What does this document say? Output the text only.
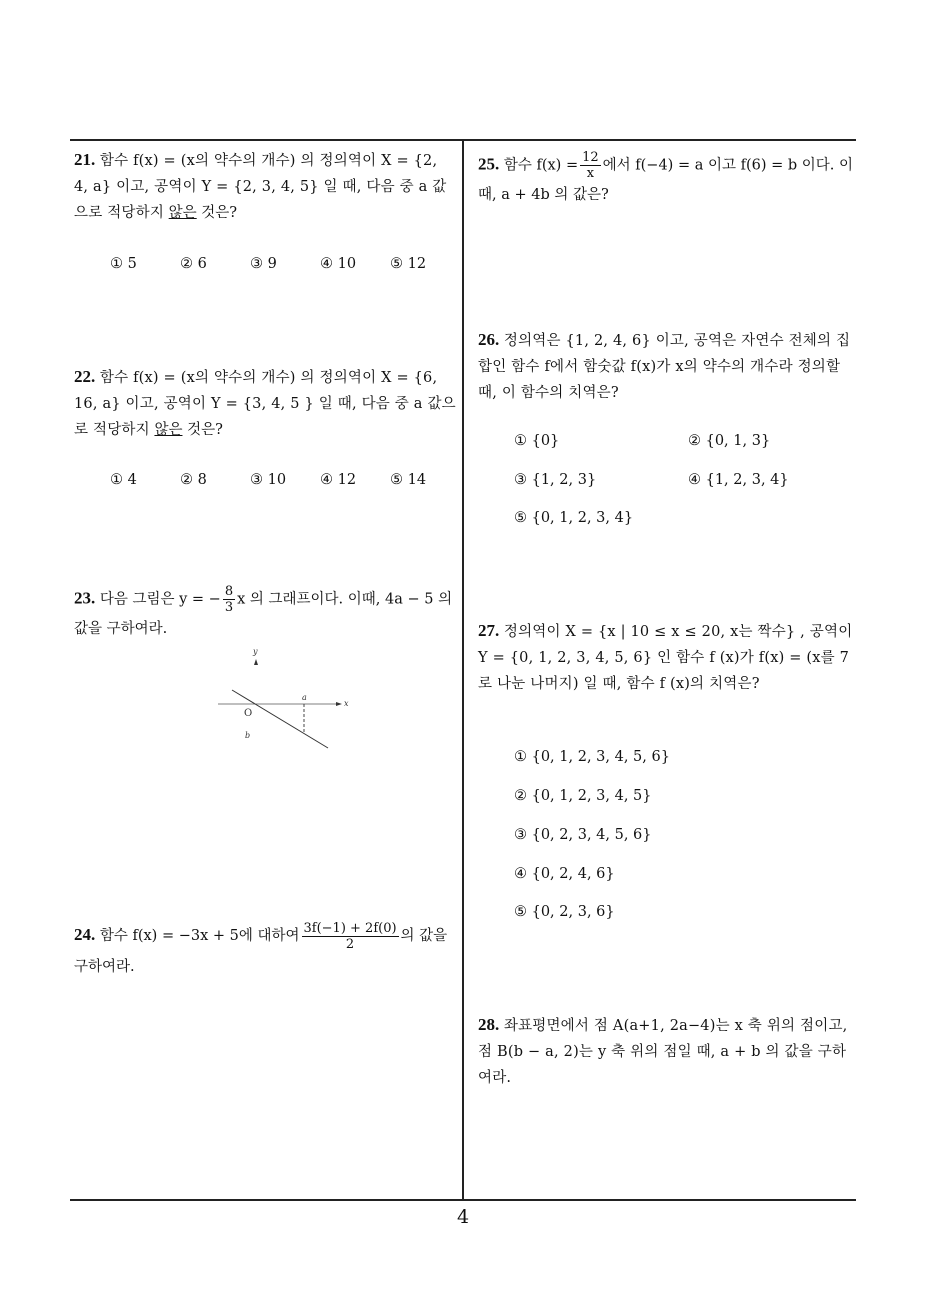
21. 함수 f(x) = (x의 약수의 개수) 의 정의역이 X = {2, 4, a} 이고, 공역이 Y = {2, 3, 4, 5} 일 때, 다음 중 a 값으로 적당하지 않은 것은?
① 5	② 6	③ 9	④ 10 ⑤ 12
22. 함수 f(x) = (x의 약수의 개수) 의 정의역이 X = {6, 16, a} 이고, 공역이 Y = {3, 4, 5 } 일 때, 다음 중 a 값으로 적당하지 않은 것은?
① 4	② 8	③ 10 ④ 12 ⑤ 14
23. 다음 그림은 y = − $\frac{8}{3}$ x 의 그래프이다. 이때, 4a − 5 의 값을 구하여라.
y
x
O
a
b
24. 함수 f(x) = −3x + 5에 대하여 $\frac{3f(-1) + 2f(0)}{2}$ 의 값을 구하여라.
25. 함수 $f(x) = \frac{12}{x}$ 에서 f(−4) = a 이고 f(6) = b 이다. 이때, a + 4b 의 값은?
26. 정의역은 {1, 2, 4, 6} 이고, 공역은 자연수 전체의 집합인 함수 f에서 함숫값 f(x)가 x의 약수의 개수라 정의할 때, 이 함수의 치역은?
① {0}	② {0, 1, 3}
③ {1, 2, 3}	④ {1, 2, 3, 4}
⑤ {0, 1, 2, 3, 4}
27. 정의역이 X = {x | 10 ≤ x ≤ 20, x는 짝수} , 공역이 Y = {0, 1, 2, 3, 4, 5, 6} 인 함수 f (x)가 f(x) = (x를 7로 나눈 나머지) 일 때, 함수 f (x)의 치역은?
① {0, 1, 2, 3, 4, 5, 6}
② {0, 1, 2, 3, 4, 5}
③ {0, 2, 3, 4, 5, 6}
④ {0, 2, 4, 6}
⑤ {0, 2, 3, 6}
28. 좌표평면에서 점 A(a+1, 2a−4)는 x 축 위의 점이고, 점 B(b − a, 2)는 y 축 위의 점일 때, a + b 의 값을 구하여라.
4
